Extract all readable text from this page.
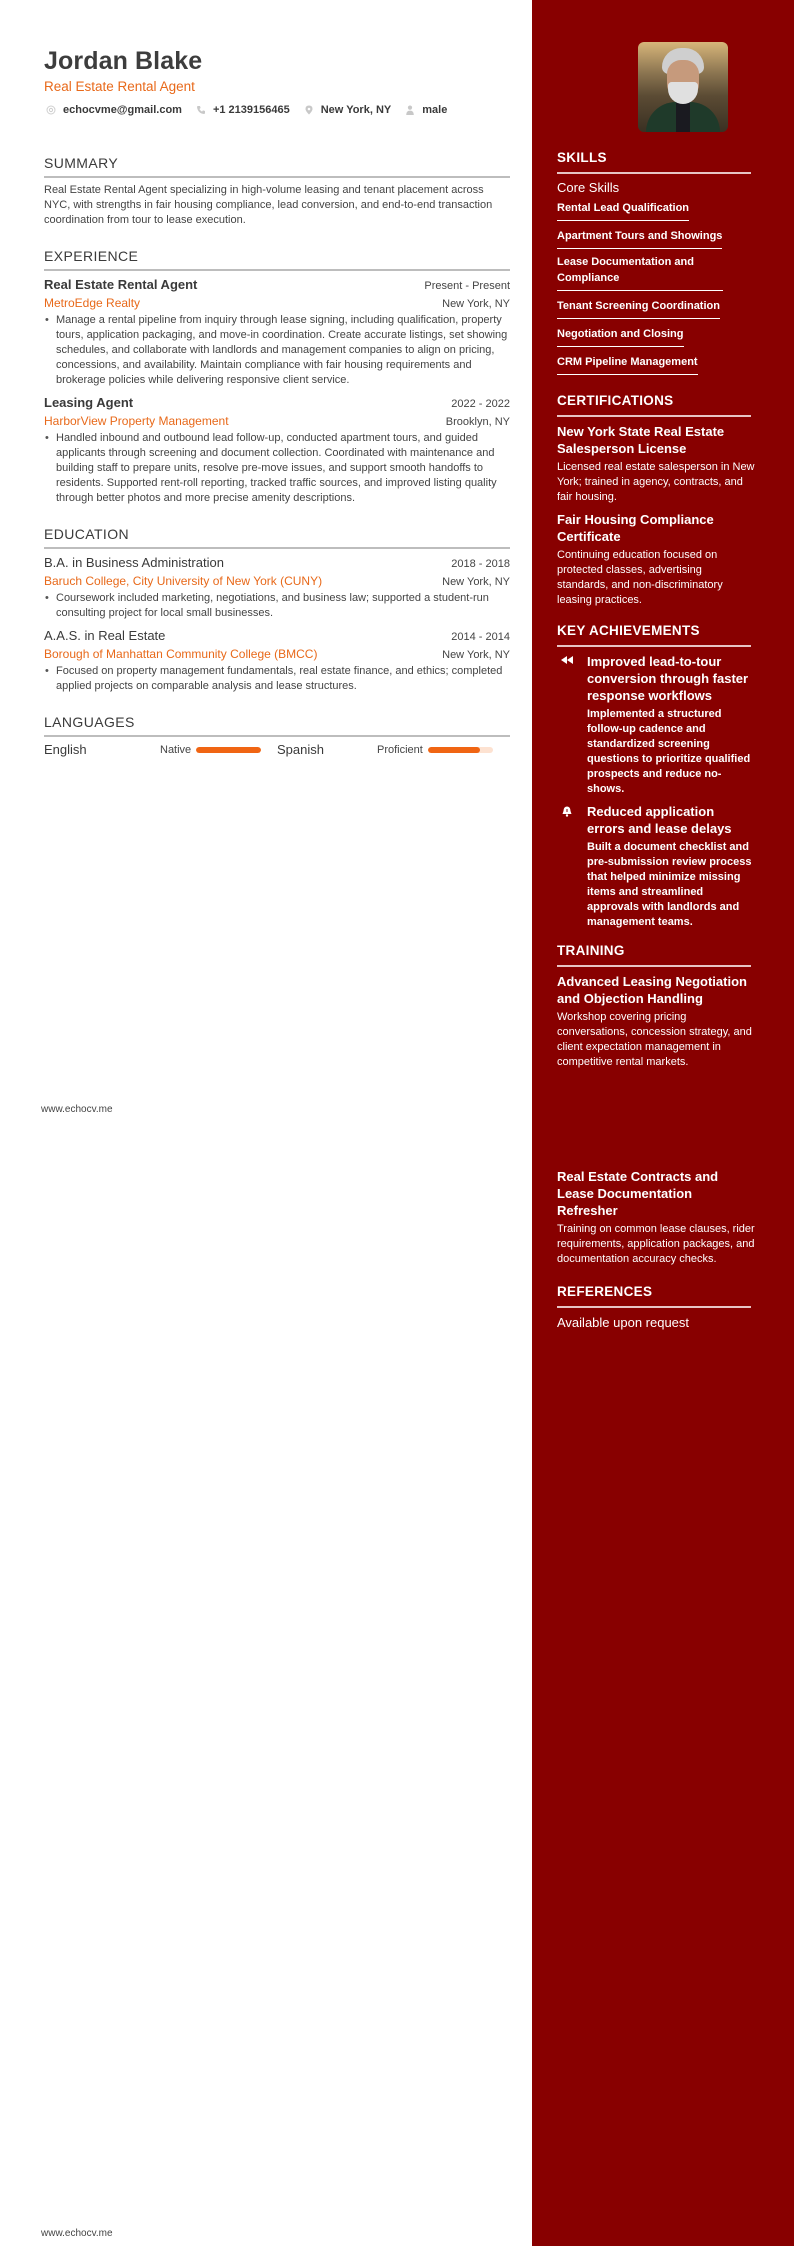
Jordan Blake
Real Estate Rental Agent
echocvme@gmail.com	+1 2139156465	New York, NY	male
SUMMARY
Real Estate Rental Agent specializing in high-volume leasing and tenant placement across NYC, with strengths in fair housing compliance, lead conversion, and end-to-end transaction coordination from tour to lease execution.
EXPERIENCE
Real Estate Rental Agent	Present - Present
MetroEdge Realty	New York, NY
• Manage a rental pipeline from inquiry through lease signing, including qualification, property tours, application packaging, and move-in coordination. Create accurate listings, set showing schedules, and collaborate with landlords and management companies to align on pricing, concessions, and availability. Maintain compliance with fair housing requirements and brokerage policies while delivering responsive client service.
Leasing Agent	2022 - 2022
HarborView Property Management	Brooklyn, NY
• Handled inbound and outbound lead follow-up, conducted apartment tours, and guided applicants through screening and document collection. Coordinated with maintenance and building staff to prepare units, resolve pre-move issues, and support smooth handoffs to residents. Supported rent-roll reporting, tracked traffic sources, and improved listing quality through better photos and more precise amenity descriptions.
EDUCATION
B.A. in Business Administration	2018 - 2018
Baruch College, City University of New York (CUNY)	New York, NY
• Coursework included marketing, negotiations, and business law; supported a student-run consulting project for local small businesses.
A.A.S. in Real Estate	2014 - 2014
Borough of Manhattan Community College (BMCC)	New York, NY
• Focused on property management fundamentals, real estate finance, and ethics; completed applied projects on comparable analysis and lease structures.
LANGUAGES
English	Native	Spanish	Proficient
www.echocv.me
www.echocv.me
SKILLS
Core Skills
Rental Lead Qualification
Apartment Tours and Showings
Lease Documentation and Compliance
Tenant Screening Coordination
Negotiation and Closing
CRM Pipeline Management
CERTIFICATIONS
New York State Real Estate Salesperson License
Licensed real estate salesperson in New York; trained in agency, contracts, and fair housing.
Fair Housing Compliance Certificate
Continuing education focused on protected classes, advertising standards, and non-discriminatory leasing practices.
KEY ACHIEVEMENTS
Improved lead-to-tour conversion through faster response workflows
Implemented a structured follow-up cadence and standardized screening questions to prioritize qualified prospects and reduce no-shows.
Reduced application errors and lease delays
Built a document checklist and pre-submission review process that helped minimize missing items and streamlined approvals with landlords and management teams.
TRAINING
Advanced Leasing Negotiation and Objection Handling
Workshop covering pricing conversations, concession strategy, and client expectation management in competitive rental markets.
Real Estate Contracts and Lease Documentation Refresher
Training on common lease clauses, rider requirements, application packages, and documentation accuracy checks.
REFERENCES
Available upon request
